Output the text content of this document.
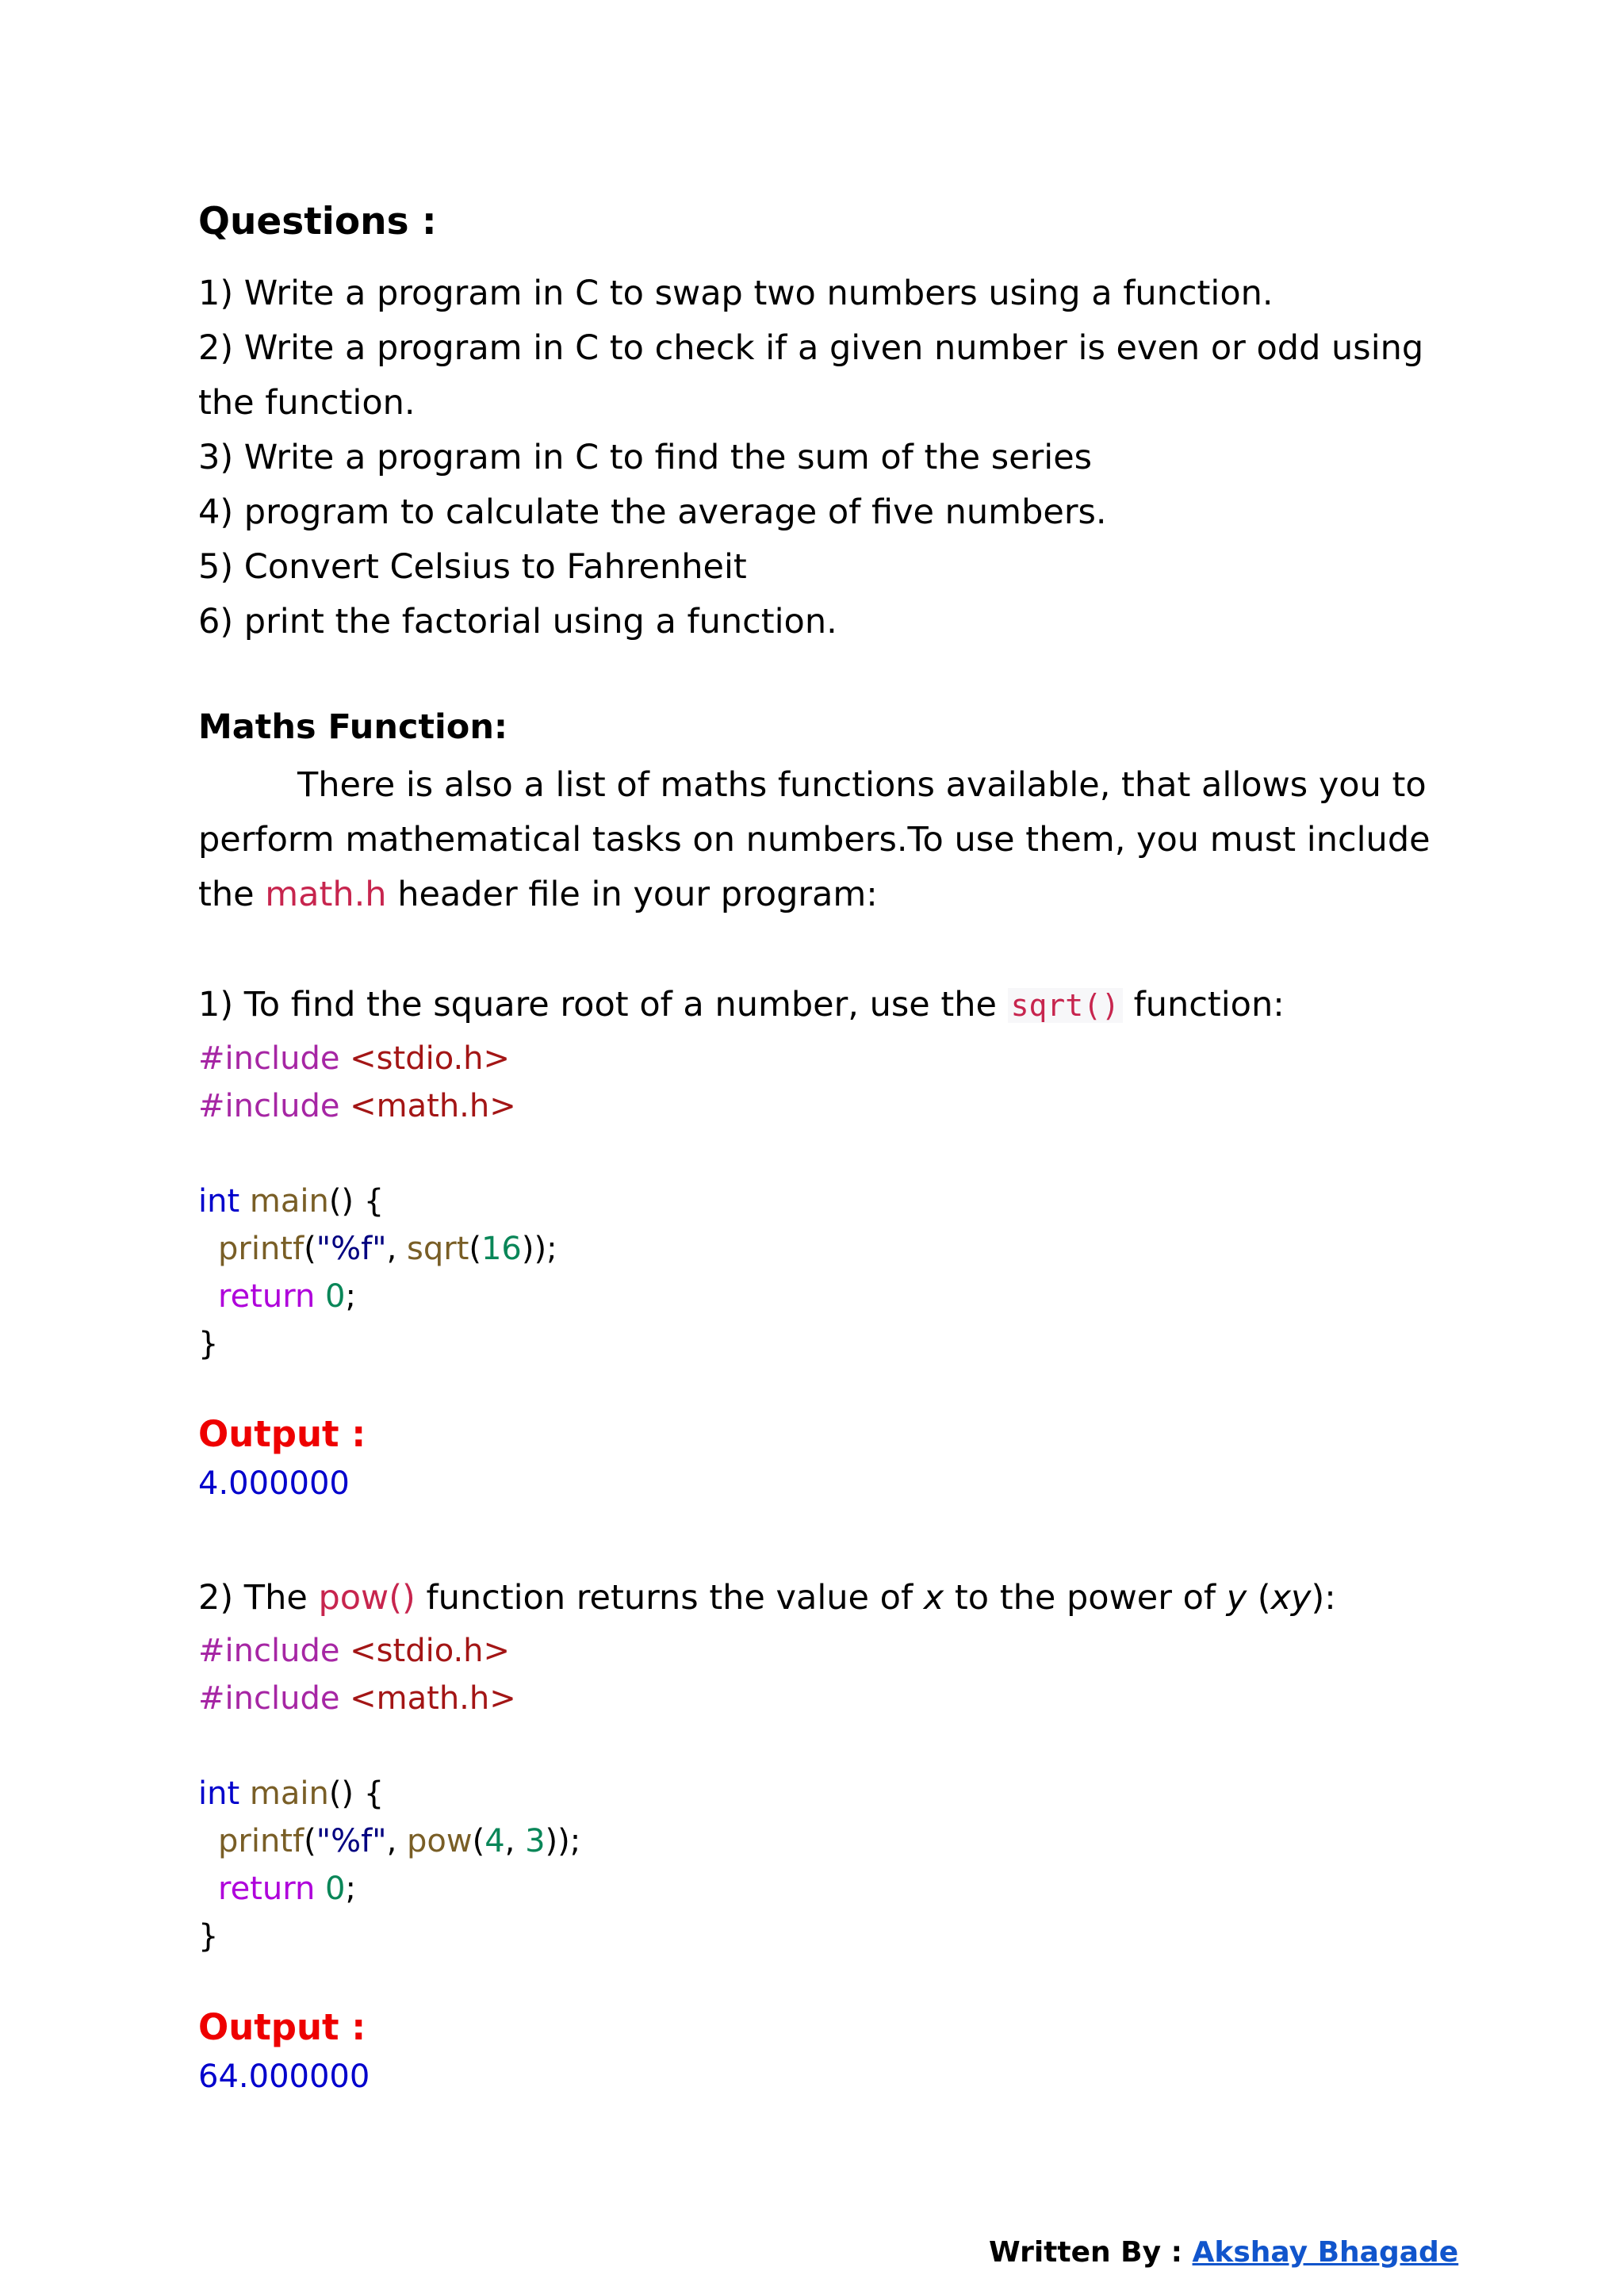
Questions :
1) Write a program in C to swap two numbers using a function.
2) Write a program in C to check if a given number is even or odd using
the function.
3) Write a program in C to find the sum of the series
4) program to calculate the average of five numbers.
5) Convert Celsius to Fahrenheit
6) print the factorial using a function.
Maths Function:
There is also a list of maths functions available, that allows you to
perform mathematical tasks on numbers.To use them, you must include
the math.h header file in your program:
1) To find the square root of a number, use the sqrt() function:
#include <stdio.h>
#include <math.h>
int main() {
printf("%f", sqrt(16));
return 0;
}
Output :
4.000000
2) The pow() function returns the value of x to the power of y (xy):
#include <stdio.h>
#include <math.h>
int main() {
printf("%f", pow(4, 3));
return 0;
}
Output :
64.000000
Written By : Akshay Bhagade
